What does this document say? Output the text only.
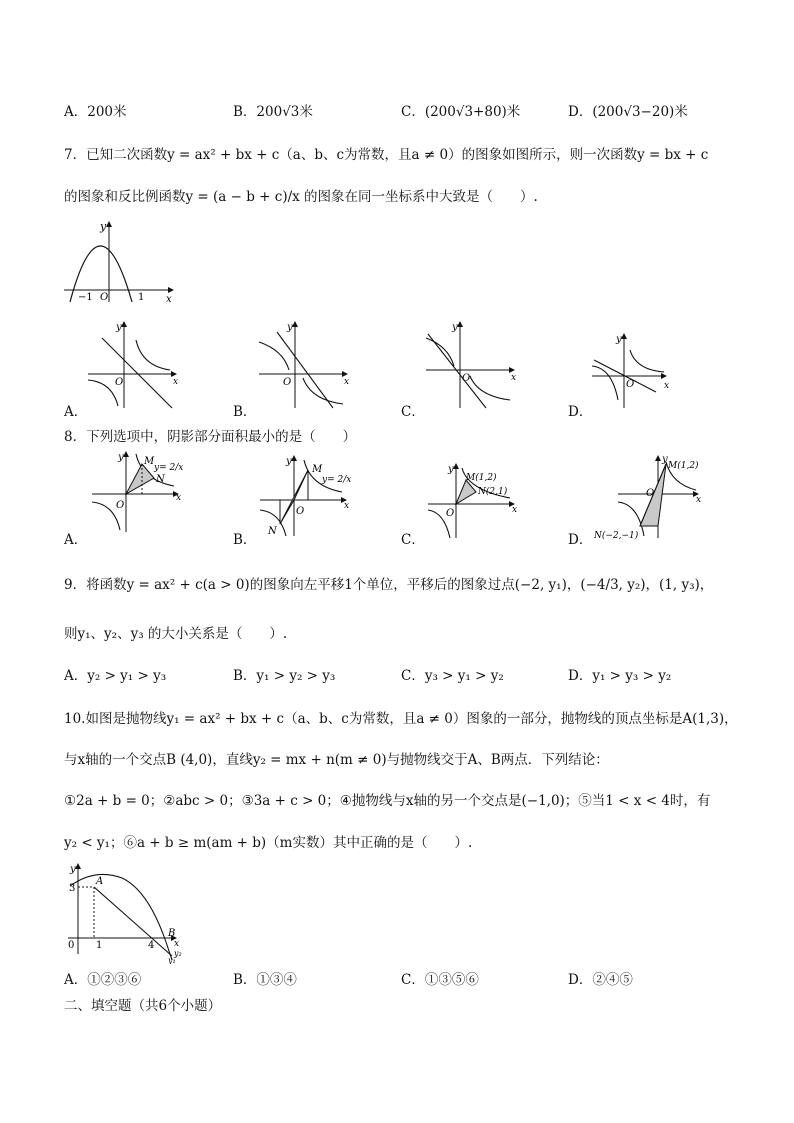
A．200米	B．200√3米	C．(200√3+80)米	D．(200√3−20)米
7．已知二次函数y = ax² + bx + c（a、b、c为常数，且a ≠ 0）的图象如图所示，则一次函数y = bx + c
的图象和反比例函数y = (a − b + c)/x 的图象在同一坐标系中大致是（　　）.
y
x
−1 O	1
y
x
O
y
x
O
y
x
O
y
x
O
A．	B．	C．	D．
8．下列选项中，阴影部分面积最小的是（　　）
y
x
O
M
N
y= 2/x
y
x
O
M
N
y= 2/x
y
x
O
M(1,2)
N(2,1)
y
x
O
M(1,2)
N(−2,−1)
A．	B．	C．	D．
9．将函数y = ax² + c(a > 0)的图象向左平移1个单位，平移后的图象过点(−2, y₁)，(−4/3, y₂)，(1, y₃)，
则y₁、y₂、y₃ 的大小关系是（　　）.
A．y₂ > y₁ > y₃	B．y₁ > y₂ > y₃	C．y₃ > y₁ > y₂	D．y₁ > y₃ > y₂
10.如图是抛物线y₁ = ax² + bx + c（a、b、c为常数，且a ≠ 0）图象的一部分，抛物线的顶点坐标是A(1,3)，
与x轴的一个交点B (4,0)，直线y₂ = mx + n(m ≠ 0)与抛物线交于A、B两点．下列结论：
①2a + b = 0；②abc > 0；③3a + c > 0；④抛物线与x轴的另一个交点是(−1,0)；⑤当1 < x < 4时，有
y₂ < y₁；⑥a + b ≥ m(am + b)（m实数）其中正确的是（　　）.
y
3
A
0 1	4
B
x
y₂
y₁
A．①②③⑥	B．①③④	C．①③⑤⑥	D．②④⑤
二、填空题（共6个小题）
